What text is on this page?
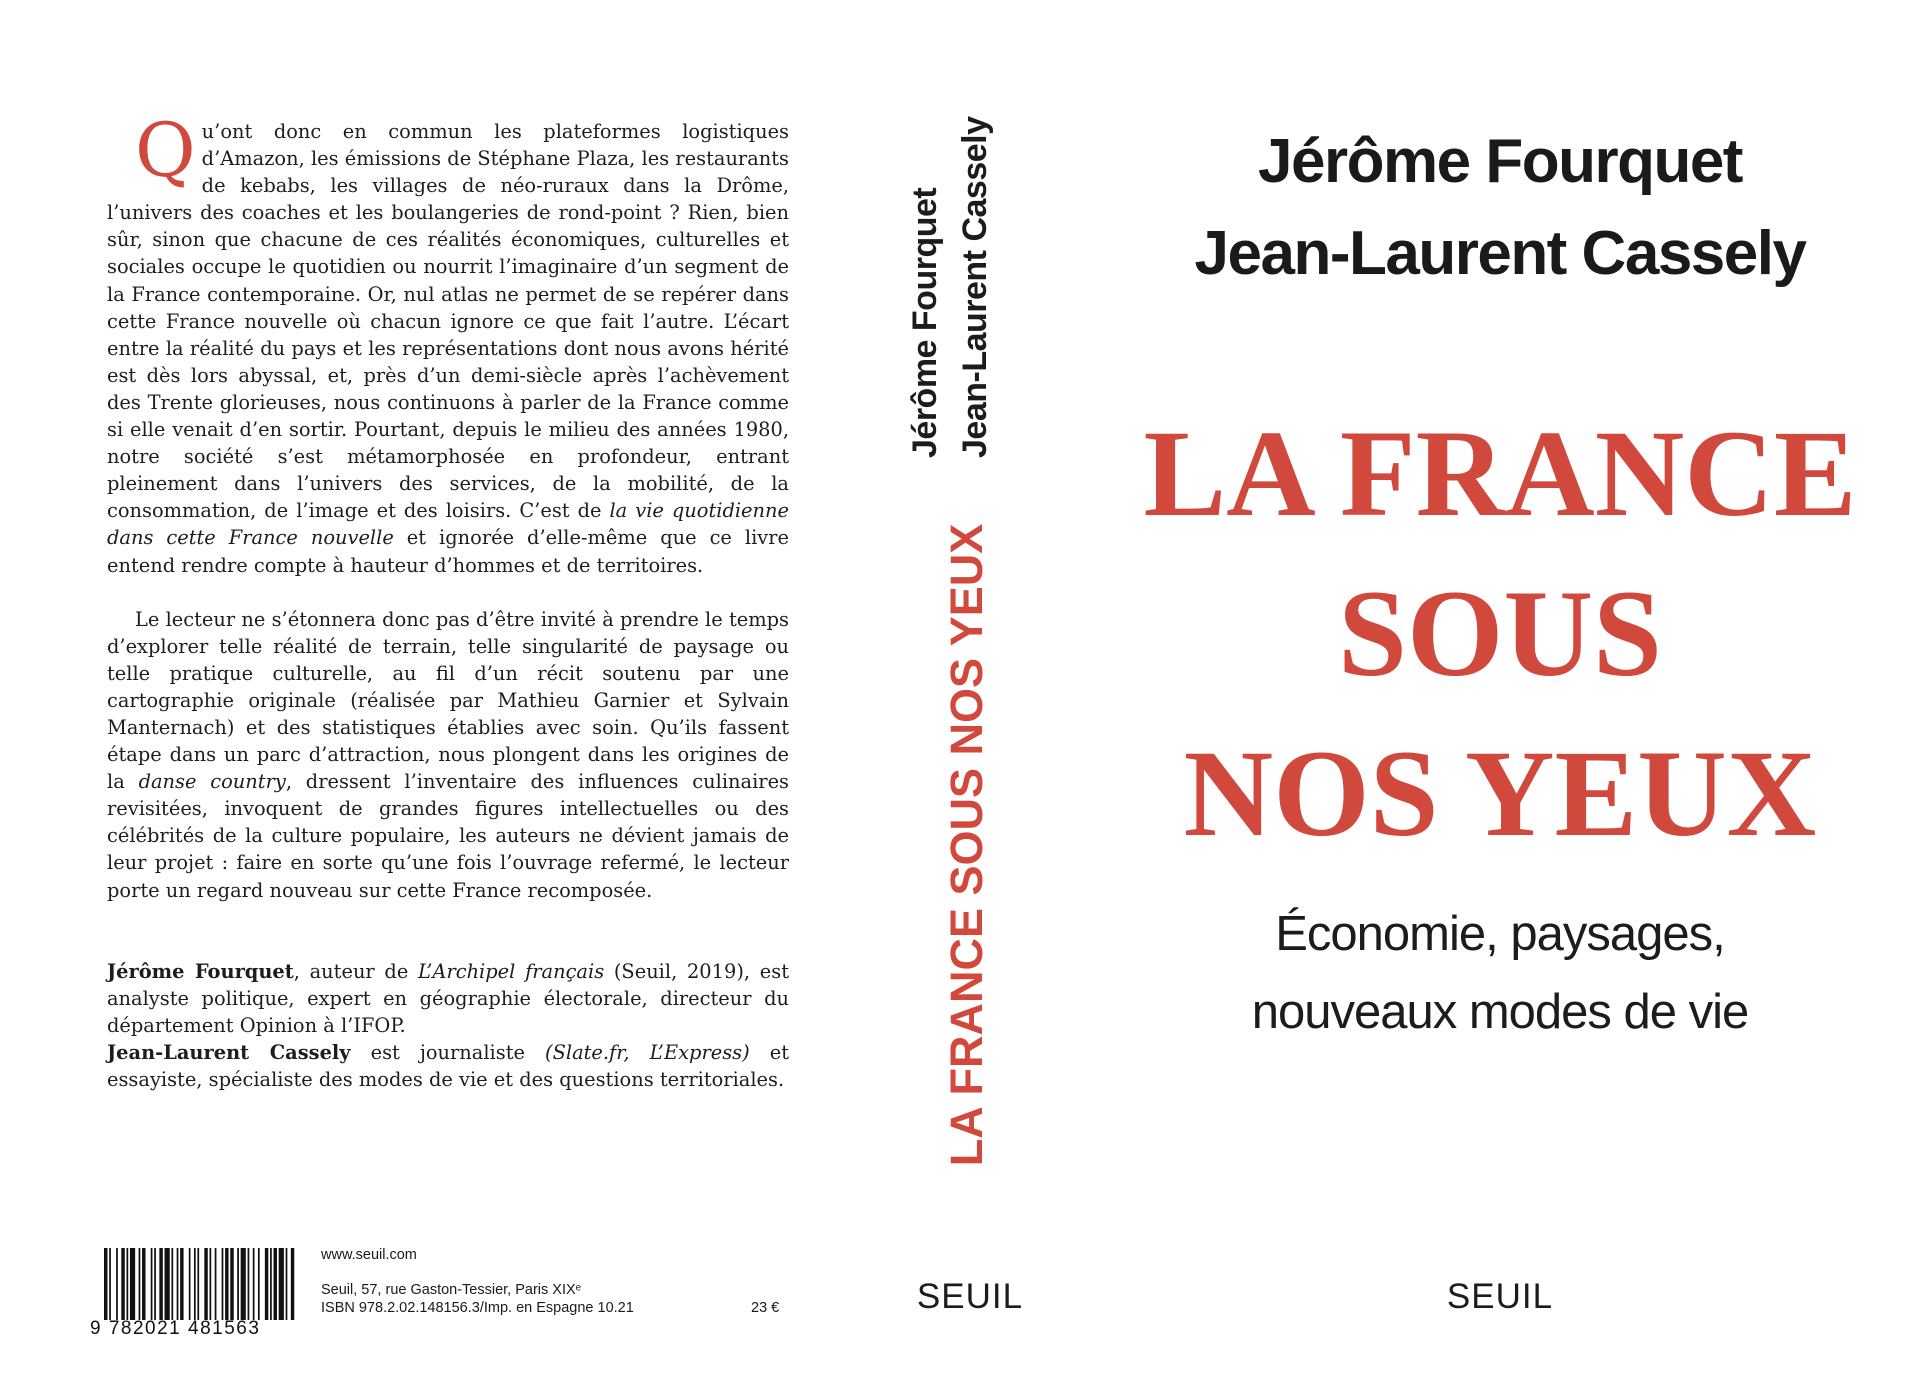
Qu’ont donc en commun les plateformes logistiques d’Amazon, les émissions de Stéphane Plaza, les restaurants de kebabs, les villages de néo-ruraux dans la Drôme, l’univers des coaches et les boulangeries de rond-point ? Rien, bien sûr, sinon que chacune de ces réalités économiques, culturelles et sociales occupe le quotidien ou nourrit l’imaginaire d’un segment de la France contemporaine. Or, nul atlas ne permet de se repérer dans cette France nouvelle où chacun ignore ce que fait l’autre. L’écart entre la réalité du pays et les représentations dont nous avons hérité est dès lors abyssal, et, près d’un demi-siècle après l’achèvement des Trente glorieuses, nous continuons à parler de la France comme si elle venait d’en sortir. Pourtant, depuis le milieu des années 1980, notre société s’est métamorphosée en profondeur, entrant pleinement dans l’univers des services, de la mobilité, de la consommation, de l’image et des loisirs. C’est de la vie quotidienne dans cette France nouvelle et ignorée d’elle-même que ce livre entend rendre compte à hauteur d’hommes et de territoires.

Le lecteur ne s’étonnera donc pas d’être invité à prendre le temps d’explorer telle réalité de terrain, telle singularité de paysage ou telle pratique culturelle, au fil d’un récit soutenu par une cartographie originale (réalisée par Mathieu Garnier et Sylvain Manternach) et des statistiques établies avec soin. Qu’ils fassent étape dans un parc d’attraction, nous plongent dans les origines de la danse country, dressent l’inventaire des influences culinaires revisitées, invoquent de grandes figures intellectuelles ou des célébrités de la culture populaire, les auteurs ne dévient jamais de leur projet : faire en sorte qu’une fois l’ouvrage refermé, le lecteur porte un regard nouveau sur cette France recomposée.

Jérôme Fourquet, auteur de L’Archipel français (Seuil, 2019), est analyste politique, expert en géographie électorale, directeur du département Opinion à l’IFOP.

Jean-Laurent Cassely est journaliste (Slate.fr, L’Express) et essayiste, spécialiste des modes de vie et des questions territoriales.

9 782021 481563
www.seuil.com
Seuil, 57, rue Gaston-Tessier, Paris XIXᵉ
ISBN 978.2.02.148156.3/Imp. en Espagne 10.21	23 €
Jérôme Fourquet Jean-Laurent Cassely
LA FRANCE SOUS NOS YEUX
SEUIL
Jérôme Fourquet
Jean-Laurent Cassely
LA FRANCE
SOUS
NOS YEUX
Économie, paysages,
nouveaux modes de vie
SEUIL
